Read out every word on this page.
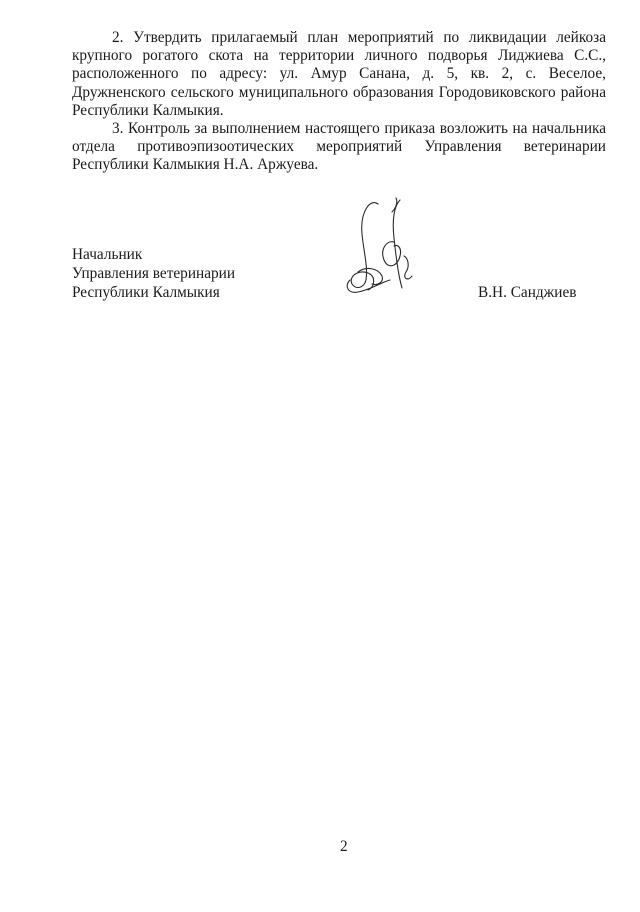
2. Утвердить прилагаемый план мероприятий по ликвидации лейкоза крупного рогатого скота на территории личного подворья Лиджиева С.С., расположенного по адресу: ул. Амур Санана, д. 5, кв. 2, с. Веселое, Дружненского сельского муниципального образования Городовиковского района Республики Калмыкия.

3. Контроль за выполнением настоящего приказа возложить на начальника отдела противоэпизоотических мероприятий Управления ветеринарии Республики Калмыкия Н.А. Аржуева.

Начальник
Управления ветеринарии
Республики Калмыкия	В.Н. Санджиев

2
